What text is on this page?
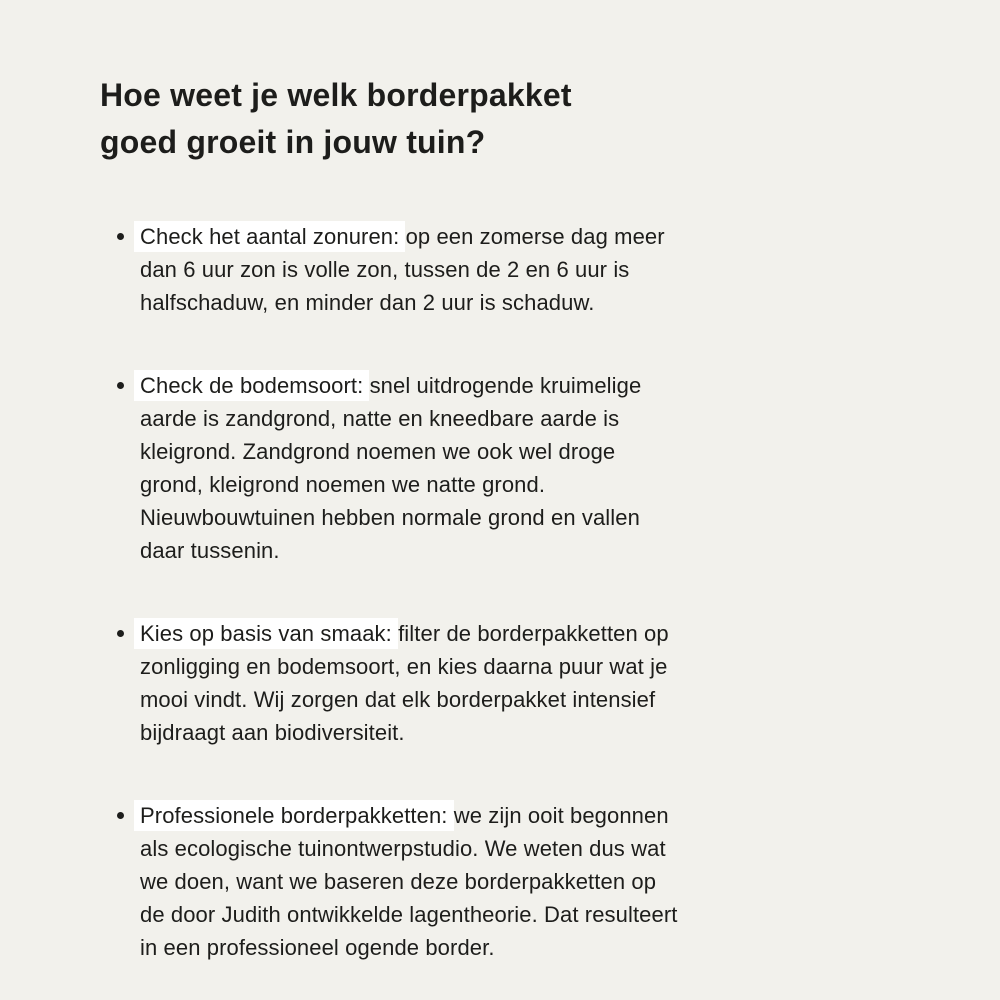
Hoe weet je welk borderpakket
goed groeit in jouw tuin?
Check het aantal zonuren: op een zomerse dag meer dan 6 uur zon is volle zon, tussen de 2 en 6 uur is halfschaduw, en minder dan 2 uur is schaduw.
Check de bodemsoort: snel uitdrogende kruimelige aarde is zandgrond, natte en kneedbare aarde is kleigrond. Zandgrond noemen we ook wel droge grond, kleigrond noemen we natte grond. Nieuwbouwtuinen hebben normale grond en vallen daar tussenin.
Kies op basis van smaak: filter de borderpakketten op zonligging en bodemsoort, en kies daarna puur wat je mooi vindt. Wij zorgen dat elk borderpakket intensief bijdraagt aan biodiversiteit.
Professionele borderpakketten: we zijn ooit begonnen als ecologische tuinontwerpstudio. We weten dus wat we doen, want we baseren deze borderpakketten op de door Judith ontwikkelde lagentheorie. Dat resulteert in een professioneel ogende border.
